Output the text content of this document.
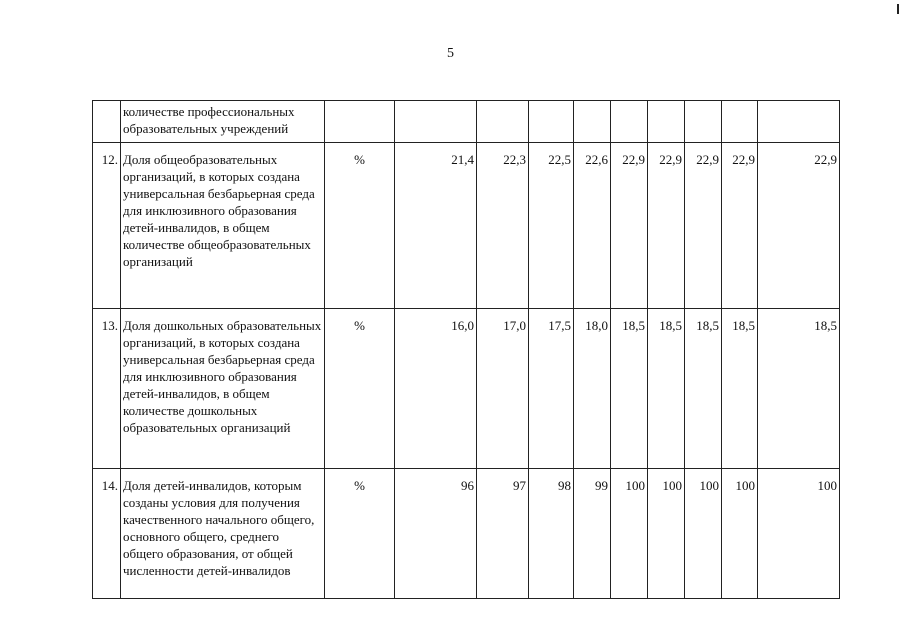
5
	количестве профессиональных образовательных учреждений										
12.	Доля общеобразовательных организаций, в которых создана универсальная безбарьерная среда для инклюзивного образования детей-инвалидов, в общем количестве общеобразовательных организаций	%	21,4	22,3	22,5	22,6	22,9	22,9	22,9	22,9	22,9
13.	Доля дошкольных образовательных организаций, в которых создана универсальная безбарьерная среда для инклюзивного образования детей-инвалидов, в общем количестве дошкольных образовательных организаций	%	16,0	17,0	17,5	18,0	18,5	18,5	18,5	18,5	18,5
14.	Доля детей-инвалидов, которым созданы условия для получения качественного начального общего, основного общего, среднего общего образования, от общей численности детей-инвалидов	%	96	97	98	99	100	100	100	100	100
